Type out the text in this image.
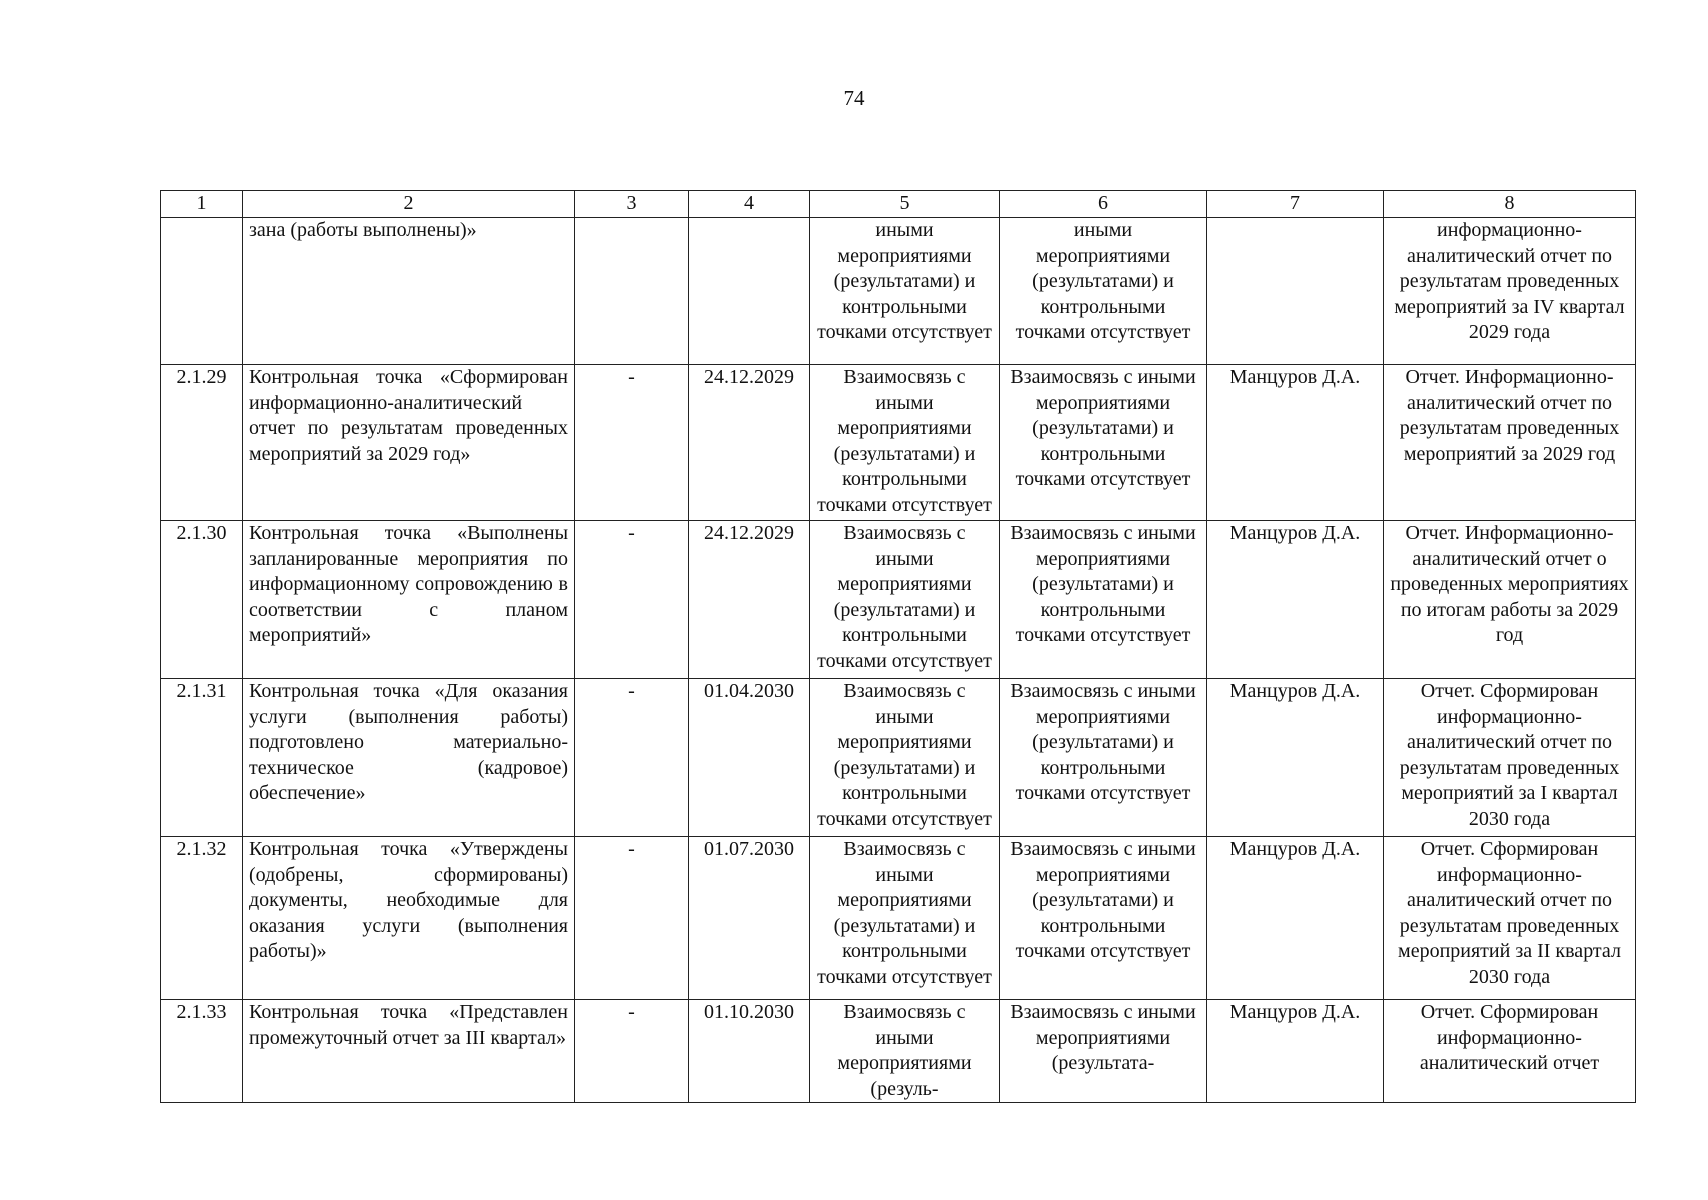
74
1	2	3	4	5	6	7	8
	зана (работы выполнены)»			иными мероприятиями (результатами) и контрольными точками отсутствует	иными мероприятиями (результатами) и контрольными точками отсутствует		информационно-аналитический отчет по результатам проведенных мероприятий за IV квартал 2029 года
2.1.29	Контрольная точка «Сформирован информационно-аналитический отчет по результатам проведенных мероприятий за 2029 год»	-	24.12.2029	Взаимосвязь с иными мероприятиями (результатами) и контрольными точками отсутствует	Взаимосвязь с иными мероприятиями (результатами) и контрольными точками отсутствует	Манцуров Д.А.	Отчет. Информационно-аналитический отчет по результатам проведенных мероприятий за 2029 год
2.1.30	Контрольная точка «Выполнены запланированные мероприятия по информационному сопровождению в соответствии с планом мероприятий»	-	24.12.2029	Взаимосвязь с иными мероприятиями (результатами) и контрольными точками отсутствует	Взаимосвязь с иными мероприятиями (результатами) и контрольными точками отсутствует	Манцуров Д.А.	Отчет. Информационно-аналитический отчет о проведенных мероприятиях по итогам работы за 2029 год
2.1.31	Контрольная точка «Для оказания услуги (выполнения работы) подготовлено материально-техническое (кадровое) обеспечение»	-	01.04.2030	Взаимосвязь с иными мероприятиями (результатами) и контрольными точками отсутствует	Взаимосвязь с иными мероприятиями (результатами) и контрольными точками отсутствует	Манцуров Д.А.	Отчет. Сформирован информационно-аналитический отчет по результатам проведенных мероприятий за I квартал 2030 года
2.1.32	Контрольная точка «Утверждены (одобрены, сформированы) документы, необходимые для оказания услуги (выполнения работы)»	-	01.07.2030	Взаимосвязь с иными мероприятиями (результатами) и контрольными точками отсутствует	Взаимосвязь с иными мероприятиями (результатами) и контрольными точками отсутствует	Манцуров Д.А.	Отчет. Сформирован информационно-аналитический отчет по результатам проведенных мероприятий за II квартал 2030 года
2.1.33	Контрольная точка «Представлен промежуточный отчет за III квартал»	-	01.10.2030	Взаимосвязь с иными мероприятиями (резуль-	Взаимосвязь с иными мероприятиями (результата-	Манцуров Д.А.	Отчет. Сформирован информационно-аналитический отчет
